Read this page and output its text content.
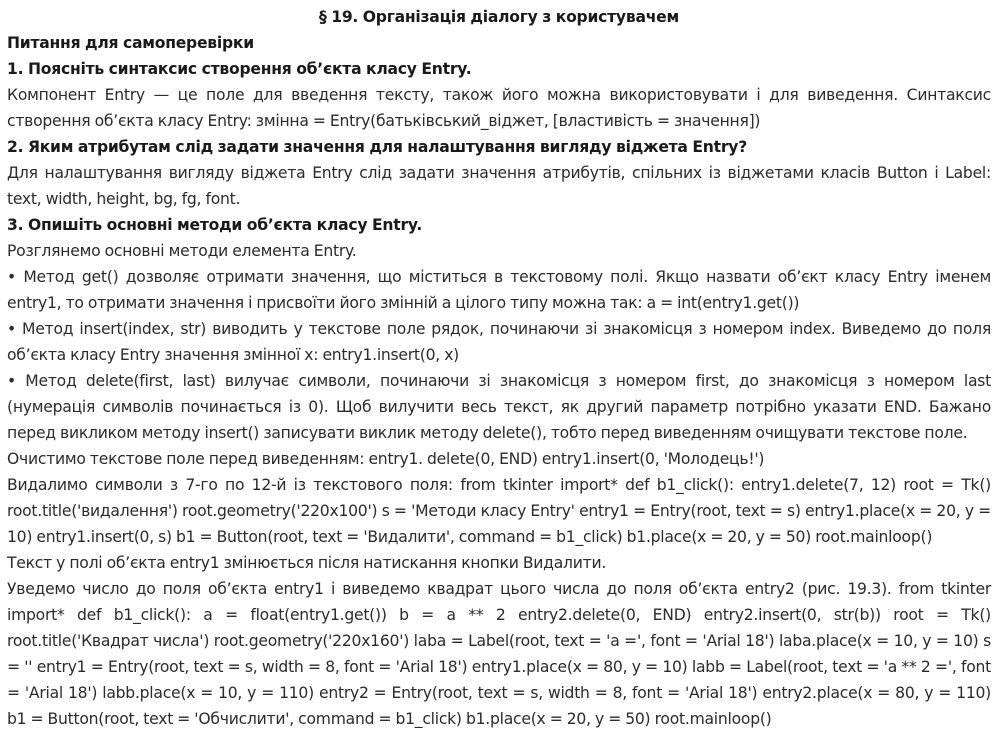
§ 19. Організація діалогу з користувачем
Питання для самоперевірки
1. Поясніть синтаксис створення об’єкта класу Entry.
Компонент Entry — це поле для введення тексту, також його можна використовувати і для виведення. Синтаксис створення об’єкта класу Entry: змінна = Entry(батьківський_віджет, [властивість = значення])
2. Яким атрибутам слід задати значення для налаштування вигляду віджета Entry?
Для налаштування вигляду віджета Entry слід задати значення атрибутів, спільних із віджетами класів Button і Label: text, width, height, bg, fg, font.
3. Опишіть основні методи об’єкта класу Entry.
Розглянемо основні методи елемента Entry.
• Метод get() дозволяє отримати значення, що міститься в текстовому полі. Якщо назвати об’єкт класу Entry іменем entry1, то отримати значення і присвоїти його змінній a цілого типу можна так: a = int(entry1.get())
• Метод insert(index, str) виводить у текстове поле рядок, починаючи зі знакомісця з номером index. Виведемо до поля об’єкта класу Entry значення змінної x: entry1.insert(0, x)
• Метод delete(first, last) вилучає символи, починаючи зі знакомісця з номером first, до знакомісця з номером last (нумерація символів починається із 0). Щоб вилучити весь текст, як другий параметр потрібно указати END. Бажано перед викликом методу insert() записувати виклик методу delete(), тобто перед виведенням очищувати текстове поле.
Очистимо текстове поле перед виведенням: entry1. delete(0, END) entry1.insert(0, 'Молодець!')
Видалимо символи з 7-го по 12-й із текстового поля: from tkinter import* def b1_click(): entry1.delete(7, 12) root = Tk() root.title('видалення') root.geometry('220x100') s = 'Методи класу Entry' entry1 = Entry(root, text = s) entry1.place(x = 20, y = 10) entry1.insert(0, s) b1 = Button(root, text = 'Видалити', command = b1_click) b1.place(x = 20, y = 50) root.mainloop()
Текст у полі об’єкта entry1 змінюється після натискання кнопки Видалити.
Уведемо число до поля об’єкта entry1 і виведемо квадрат цього числа до поля об’єкта entry2 (рис. 19.3). from tkinter import* def b1_click(): a = float(entry1.get()) b = a ** 2 entry2.delete(0, END) entry2.insert(0, str(b)) root = Tk() root.title('Квадрат числа') root.geometry('220x160') laba = Label(root, text = 'a =', font = 'Arial 18') laba.place(x = 10, y = 10) s = '' entry1 = Entry(root, text = s, width = 8, font = 'Arial 18') entry1.place(x = 80, y = 10) labb = Label(root, text = 'a ** 2 =', font = 'Arial 18') labb.place(x = 10, y = 110) entry2 = Entry(root, text = s, width = 8, font = 'Arial 18') entry2.place(x = 80, y = 110) b1 = Button(root, text = 'Обчислити', command = b1_click) b1.place(x = 20, y = 50) root.mainloop()
